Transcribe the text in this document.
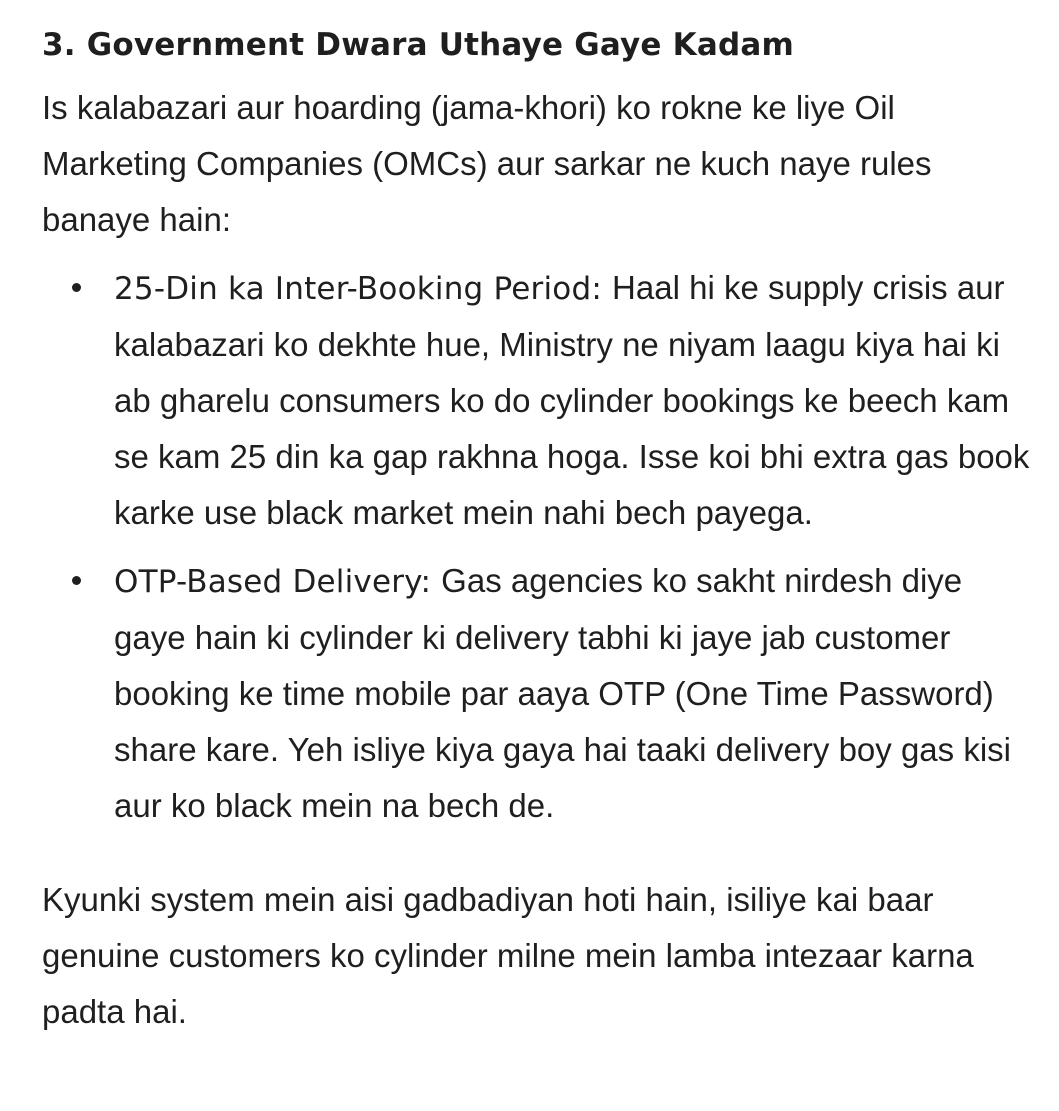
3. Government Dwara Uthaye Gaye Kadam

Is kalabazari aur hoarding (jama-khori) ko rokne ke liye Oil Marketing Companies (OMCs) aur sarkar ne kuch naye rules banaye hain:

25-Din ka Inter-Booking Period: Haal hi ke supply crisis aur kalabazari ko dekhte hue, Ministry ne niyam laagu kiya hai ki ab gharelu consumers ko do cylinder bookings ke beech kam se kam 25 din ka gap rakhna hoga. Isse koi bhi extra gas book karke use black market mein nahi bech payega.
OTP-Based Delivery: Gas agencies ko sakht nirdesh diye gaye hain ki cylinder ki delivery tabhi ki jaye jab customer booking ke time mobile par aaya OTP (One Time Password) share kare. Yeh isliye kiya gaya hai taaki delivery boy gas kisi aur ko black mein na bech de.

Kyunki system mein aisi gadbadiyan hoti hain, isiliye kai baar genuine customers ko cylinder milne mein lamba intezaar karna padta hai.
